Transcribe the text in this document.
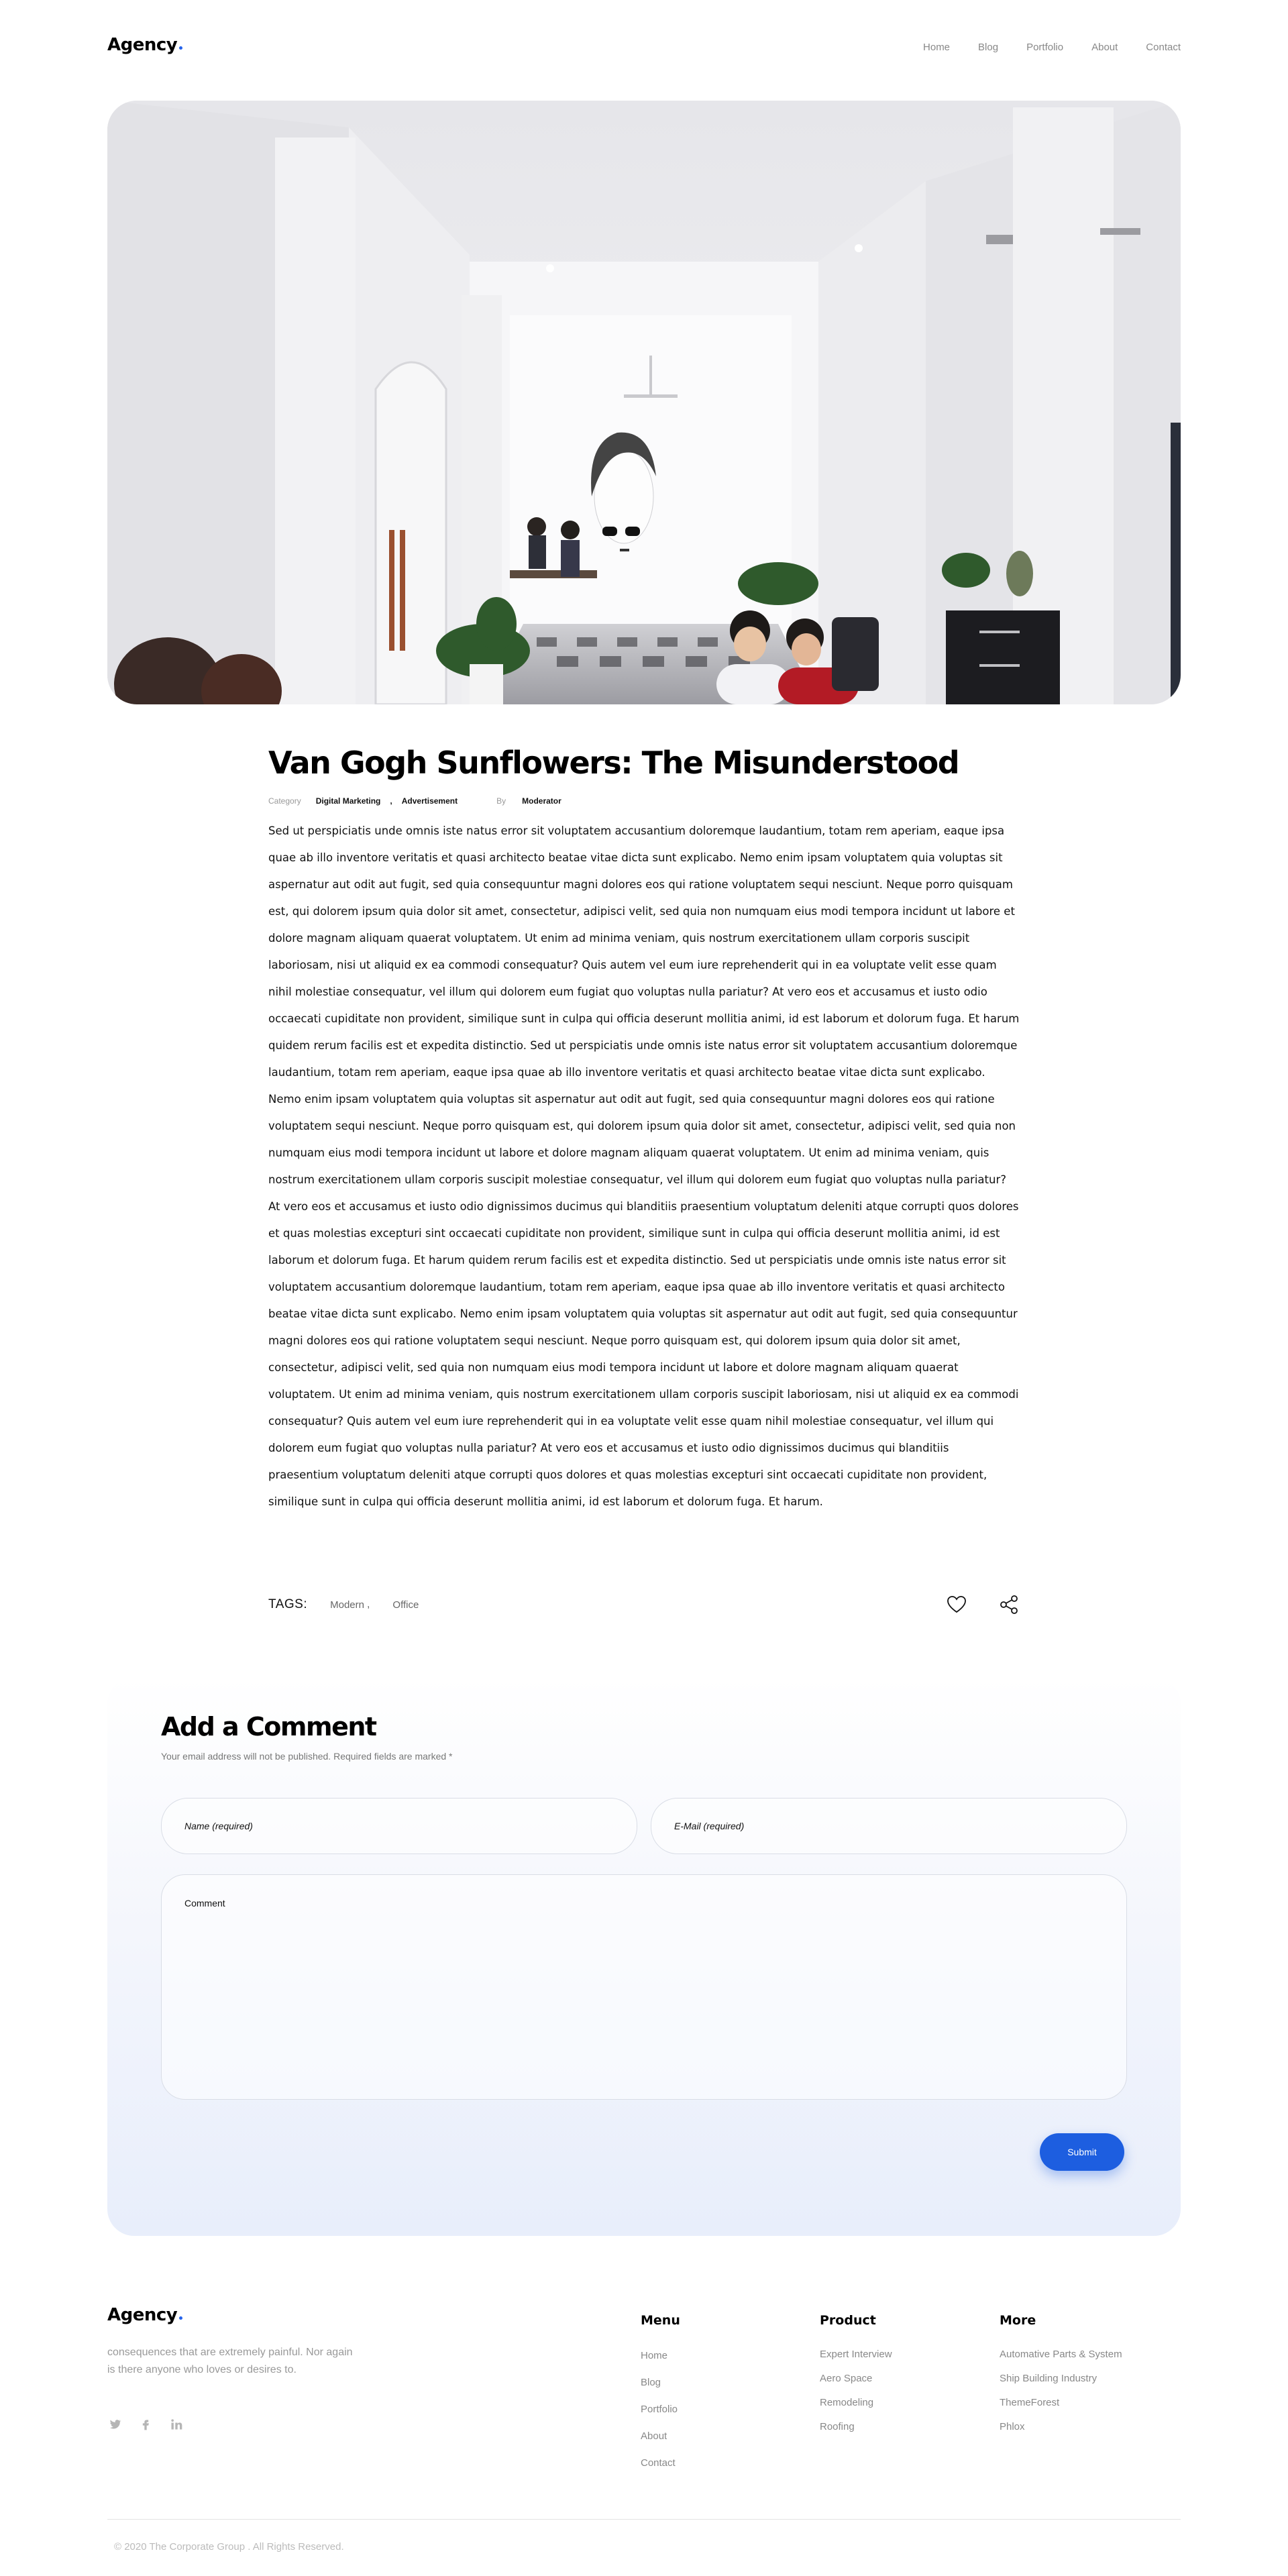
Agency	Home	Blog	Portfolio	About	Contact
Van Gogh Sunflowers: The Misunderstood
Category Digital Marketing , Advertisement	By Moderator

Sed ut perspiciatis unde omnis iste natus error sit voluptatem accusantium doloremque laudantium, totam rem aperiam, eaque ipsa quae ab illo inventore veritatis et quasi architecto beatae vitae dicta sunt explicabo. Nemo enim ipsam voluptatem quia voluptas sit aspernatur aut odit aut fugit, sed quia consequuntur magni dolores eos qui ratione voluptatem sequi nesciunt. Neque porro quisquam est, qui dolorem ipsum quia dolor sit amet, consectetur, adipisci velit, sed quia non numquam eius modi tempora incidunt ut labore et dolore magnam aliquam quaerat voluptatem. Ut enim ad minima veniam, quis nostrum exercitationem ullam corporis suscipit laboriosam, nisi ut aliquid ex ea commodi consequatur? Quis autem vel eum iure reprehenderit qui in ea voluptate velit esse quam nihil molestiae consequatur, vel illum qui dolorem eum fugiat quo voluptas nulla pariatur? At vero eos et accusamus et iusto odio occaecati cupiditate non provident, similique sunt in culpa qui officia deserunt mollitia animi, id est laborum et dolorum fuga. Et harum quidem rerum facilis est et expedita distinctio. Sed ut perspiciatis unde omnis iste natus error sit voluptatem accusantium doloremque laudantium, totam rem aperiam, eaque ipsa quae ab illo inventore veritatis et quasi architecto beatae vitae dicta sunt explicabo. Nemo enim ipsam voluptatem quia voluptas sit aspernatur aut odit aut fugit, sed quia consequuntur magni dolores eos qui ratione voluptatem sequi nesciunt. Neque porro quisquam est, qui dolorem ipsum quia dolor sit amet, consectetur, adipisci velit, sed quia non numquam eius modi tempora incidunt ut labore et dolore magnam aliquam quaerat voluptatem. Ut enim ad minima veniam, quis nostrum exercitationem ullam corporis suscipit molestiae consequatur, vel illum qui dolorem eum fugiat quo voluptas nulla pariatur? At vero eos et accusamus et iusto odio dignissimos ducimus qui blanditiis praesentium voluptatum deleniti atque corrupti quos dolores et quas molestias excepturi sint occaecati cupiditate non provident, similique sunt in culpa qui officia deserunt mollitia animi, id est laborum et dolorum fuga. Et harum quidem rerum facilis est et expedita distinctio. Sed ut perspiciatis unde omnis iste natus error sit voluptatem accusantium doloremque laudantium, totam rem aperiam, eaque ipsa quae ab illo inventore veritatis et quasi architecto beatae vitae dicta sunt explicabo. Nemo enim ipsam voluptatem quia voluptas sit aspernatur aut odit aut fugit, sed quia consequuntur magni dolores eos qui ratione voluptatem sequi nesciunt. Neque porro quisquam est, qui dolorem ipsum quia dolor sit amet, consectetur, adipisci velit, sed quia non numquam eius modi tempora incidunt ut labore et dolore magnam aliquam quaerat voluptatem. Ut enim ad minima veniam, quis nostrum exercitationem ullam corporis suscipit laboriosam, nisi ut aliquid ex ea commodi consequatur? Quis autem vel eum iure reprehenderit qui in ea voluptate velit esse quam nihil molestiae consequatur, vel illum qui dolorem eum fugiat quo voluptas nulla pariatur? At vero eos et accusamus et iusto odio dignissimos ducimus qui blanditiis praesentium voluptatum deleniti atque corrupti quos dolores et quas molestias excepturi sint occaecati cupiditate non provident, similique sunt in culpa qui officia deserunt mollitia animi, id est laborum et dolorum fuga. Et harum.

TAGS: Modern , Office
Add a Comment

Your email address will not be published. Required fields are marked *

Name (required)	E-Mail (required)
Comment
Submit
Agency

consequences that are extremely painful. Nor again is there anyone who loves or desires to.

Menu
Home
Blog
Portfolio
About
Contact
Product
Expert Interview
Aero Space
Remodeling
Roofing
More
Automative Parts & System
Ship Building Industry
ThemeForest
Phlox

© 2020 The Corporate Group . All Rights Reserved.
